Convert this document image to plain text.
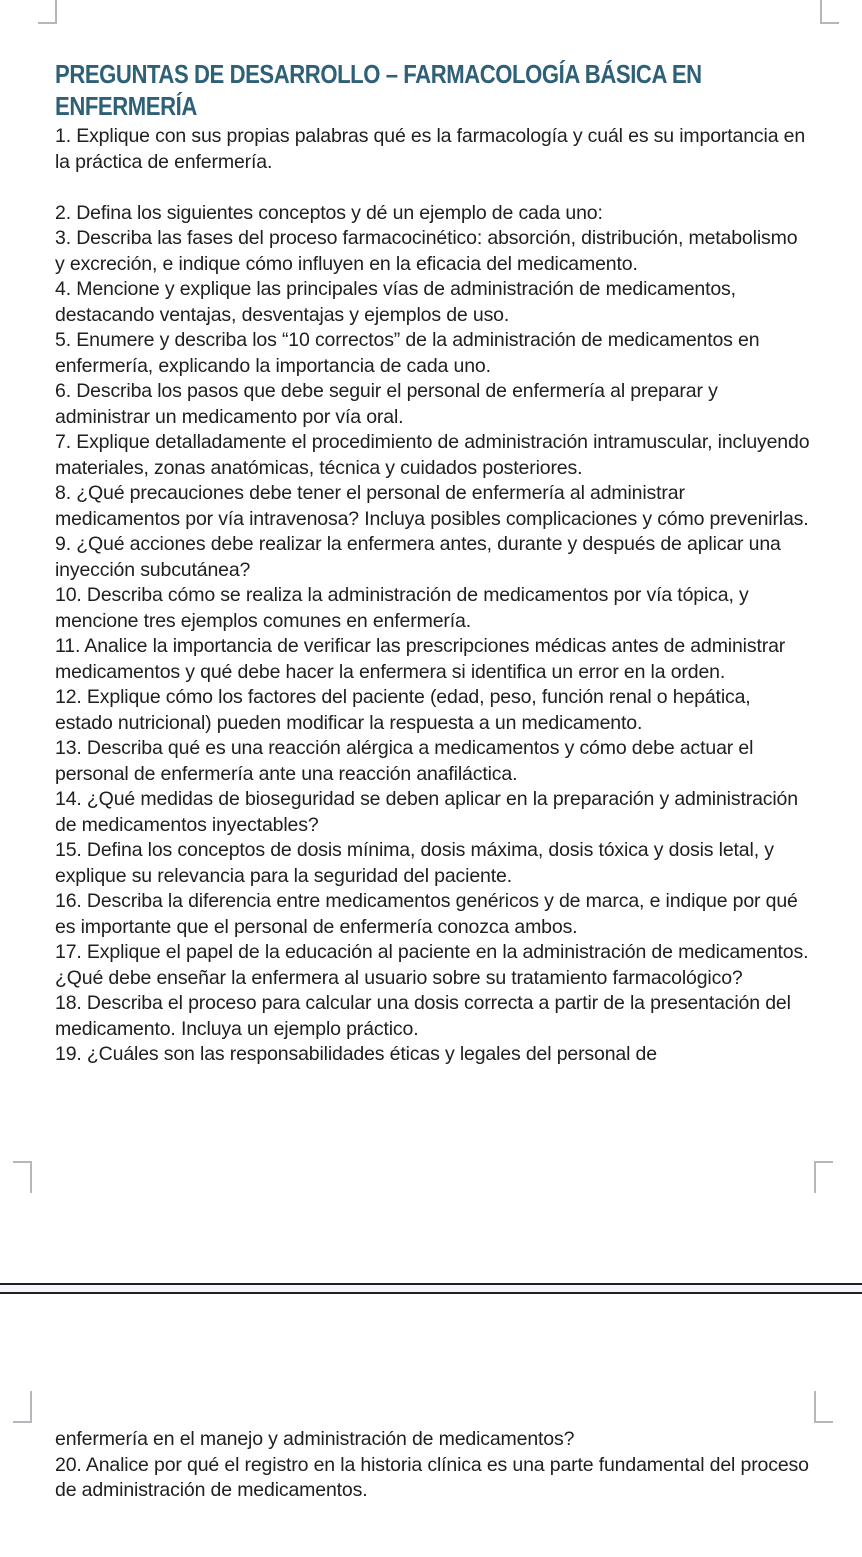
PREGUNTAS DE DESARROLLO – FARMACOLOGÍA BÁSICA EN ENFERMERÍA

1. Explique con sus propias palabras qué es la farmacología y cuál es su importancia en la práctica de enfermería.

2. Defina los siguientes conceptos y dé un ejemplo de cada uno:

3. Describa las fases del proceso farmacocinético: absorción, distribución, metabolismo y excreción, e indique cómo influyen en la eficacia del medicamento.

4. Mencione y explique las principales vías de administración de medicamentos, destacando ventajas, desventajas y ejemplos de uso.

5. Enumere y describa los “10 correctos” de la administración de medicamentos en enfermería, explicando la importancia de cada uno.

6. Describa los pasos que debe seguir el personal de enfermería al preparar y administrar un medicamento por vía oral.

7. Explique detalladamente el procedimiento de administración intramuscular, incluyendo materiales, zonas anatómicas, técnica y cuidados posteriores.

8. ¿Qué precauciones debe tener el personal de enfermería al administrar medicamentos por vía intravenosa? Incluya posibles complicaciones y cómo prevenirlas.

9. ¿Qué acciones debe realizar la enfermera antes, durante y después de aplicar una inyección subcutánea?

10. Describa cómo se realiza la administración de medicamentos por vía tópica, y mencione tres ejemplos comunes en enfermería.

11. Analice la importancia de verificar las prescripciones médicas antes de administrar medicamentos y qué debe hacer la enfermera si identifica un error en la orden.

12. Explique cómo los factores del paciente (edad, peso, función renal o hepática, estado nutricional) pueden modificar la respuesta a un medicamento.

13. Describa qué es una reacción alérgica a medicamentos y cómo debe actuar el personal de enfermería ante una reacción anafiláctica.

14. ¿Qué medidas de bioseguridad se deben aplicar en la preparación y administración de medicamentos inyectables?

15. Defina los conceptos de dosis mínima, dosis máxima, dosis tóxica y dosis letal, y explique su relevancia para la seguridad del paciente.

16. Describa la diferencia entre medicamentos genéricos y de marca, e indique por qué es importante que el personal de enfermería conozca ambos.

17. Explique el papel de la educación al paciente en la administración de medicamentos. ¿Qué debe enseñar la enfermera al usuario sobre su tratamiento farmacológico?

18. Describa el proceso para calcular una dosis correcta a partir de la presentación del medicamento. Incluya un ejemplo práctico.

19. ¿Cuáles son las responsabilidades éticas y legales del personal de

enfermería en el manejo y administración de medicamentos?

20. Analice por qué el registro en la historia clínica es una parte fundamental del proceso de administración de medicamentos.
